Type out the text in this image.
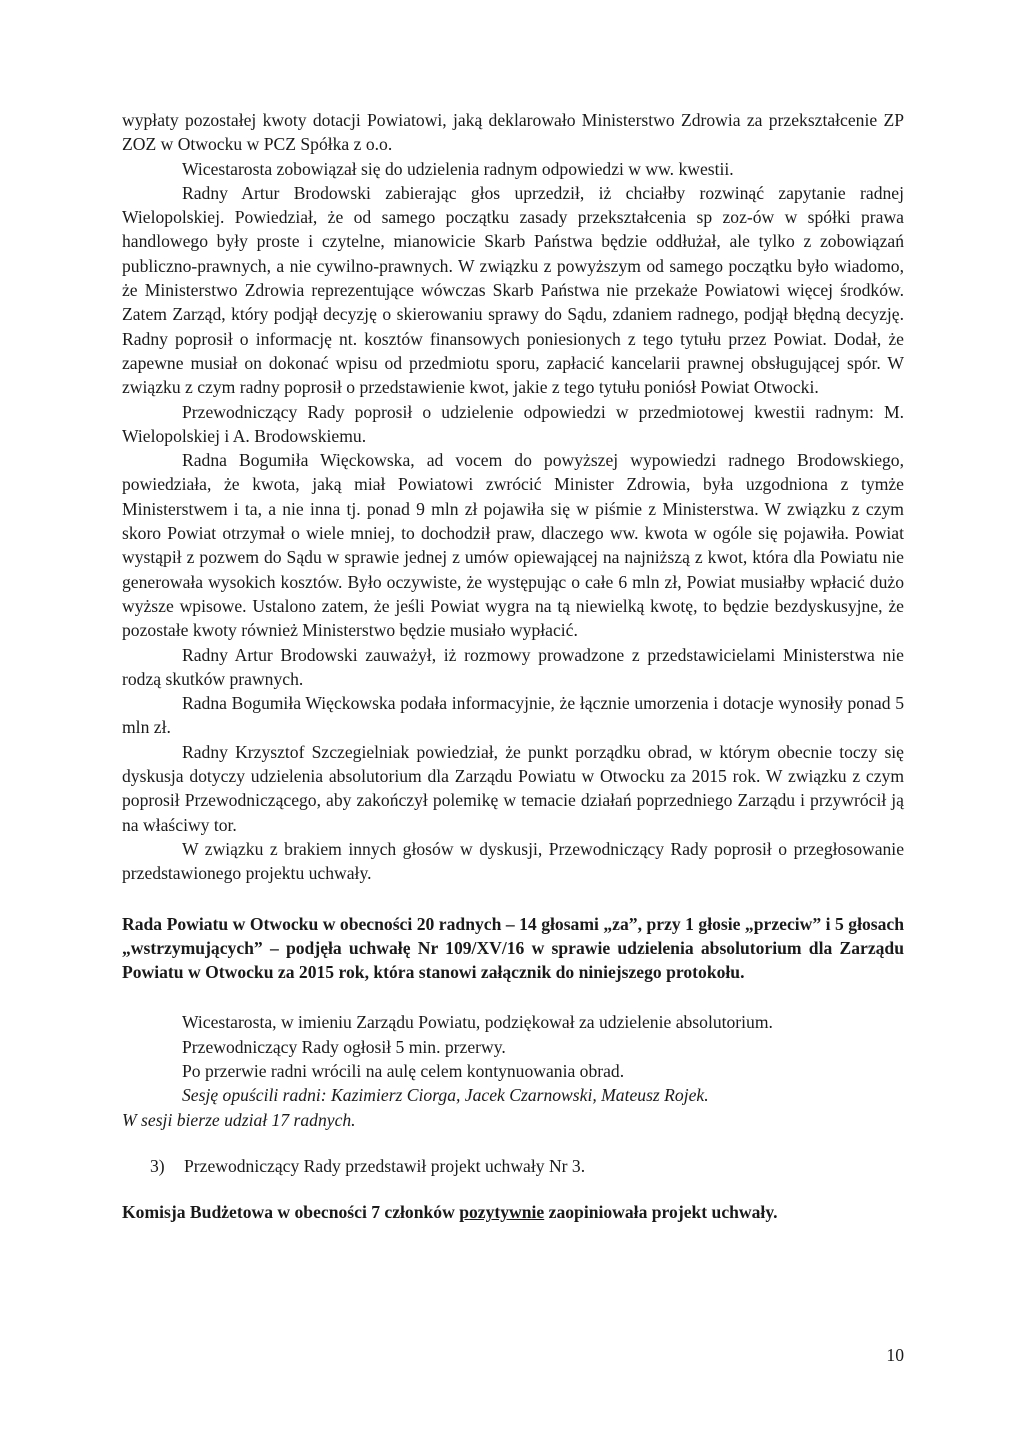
wypłaty pozostałej kwoty dotacji Powiatowi, jaką deklarowało Ministerstwo Zdrowia za przekształcenie ZP ZOZ w Otwocku w PCZ Spółka z o.o.

Wicestarosta zobowiązał się do udzielenia radnym odpowiedzi w ww. kwestii.

Radny Artur Brodowski zabierając głos uprzedził, iż chciałby rozwinąć zapytanie radnej Wielopolskiej. Powiedział, że od samego początku zasady przekształcenia sp zoz-ów w spółki prawa handlowego były proste i czytelne, mianowicie Skarb Państwa będzie oddłużał, ale tylko z zobowiązań publiczno-prawnych, a nie cywilno-prawnych. W związku z powyższym od samego początku było wiadomo, że Ministerstwo Zdrowia reprezentujące wówczas Skarb Państwa nie przekaże Powiatowi więcej środków. Zatem Zarząd, który podjął decyzję o skierowaniu sprawy do Sądu, zdaniem radnego, podjął błędną decyzję. Radny poprosił o informację nt. kosztów finansowych poniesionych z tego tytułu przez Powiat. Dodał, że zapewne musiał on dokonać wpisu od przedmiotu sporu, zapłacić kancelarii prawnej obsługującej spór. W związku z czym radny poprosił o przedstawienie kwot, jakie z tego tytułu poniósł Powiat Otwocki.

Przewodniczący Rady poprosił o udzielenie odpowiedzi w przedmiotowej kwestii radnym: M. Wielopolskiej i A. Brodowskiemu.

Radna Bogumiła Więckowska, ad vocem do powyższej wypowiedzi radnego Brodowskiego, powiedziała, że kwota, jaką miał Powiatowi zwrócić Minister Zdrowia, była uzgodniona z tymże Ministerstwem i ta, a nie inna tj. ponad 9 mln zł pojawiła się w piśmie z Ministerstwa. W związku z czym skoro Powiat otrzymał o wiele mniej, to dochodził praw, dlaczego ww. kwota w ogóle się pojawiła. Powiat wystąpił z pozwem do Sądu w sprawie jednej z umów opiewającej na najniższą z kwot, która dla Powiatu nie generowała wysokich kosztów. Było oczywiste, że występując o całe 6 mln zł, Powiat musiałby wpłacić dużo wyższe wpisowe. Ustalono zatem, że jeśli Powiat wygra na tą niewielką kwotę, to będzie bezdyskusyjne, że pozostałe kwoty również Ministerstwo będzie musiało wypłacić.

Radny Artur Brodowski zauważył, iż rozmowy prowadzone z przedstawicielami Ministerstwa nie rodzą skutków prawnych.

Radna Bogumiła Więckowska podała informacyjnie, że łącznie umorzenia i dotacje wynosiły ponad 5 mln zł.

Radny Krzysztof Szczegielniak powiedział, że punkt porządku obrad, w którym obecnie toczy się dyskusja dotyczy udzielenia absolutorium dla Zarządu Powiatu w Otwocku za 2015 rok. W związku z czym poprosił Przewodniczącego, aby zakończył polemikę w temacie działań poprzedniego Zarządu i przywrócił ją na właściwy tor.

W związku z brakiem innych głosów w dyskusji, Przewodniczący Rady poprosił o przegłosowanie przedstawionego projektu uchwały.

Rada Powiatu w Otwocku w obecności 20 radnych – 14 głosami „za”, przy 1 głosie „przeciw” i 5 głosach „wstrzymujących” – podjęła uchwałę Nr 109/XV/16 w sprawie udzielenia absolutorium dla Zarządu Powiatu w Otwocku za 2015 rok, która stanowi załącznik do niniejszego protokołu.

Wicestarosta, w imieniu Zarządu Powiatu, podziękował za udzielenie absolutorium.

Przewodniczący Rady ogłosił 5 min. przerwy.

Po przerwie radni wrócili na aulę celem kontynuowania obrad.

Sesję opuścili radni: Kazimierz Ciorga, Jacek Czarnowski, Mateusz Rojek.

W sesji bierze udział 17 radnych.

3) Przewodniczący Rady przedstawił projekt uchwały Nr 3.

Komisja Budżetowa w obecności 7 członków pozytywnie zaopiniowała projekt uchwały.

10
